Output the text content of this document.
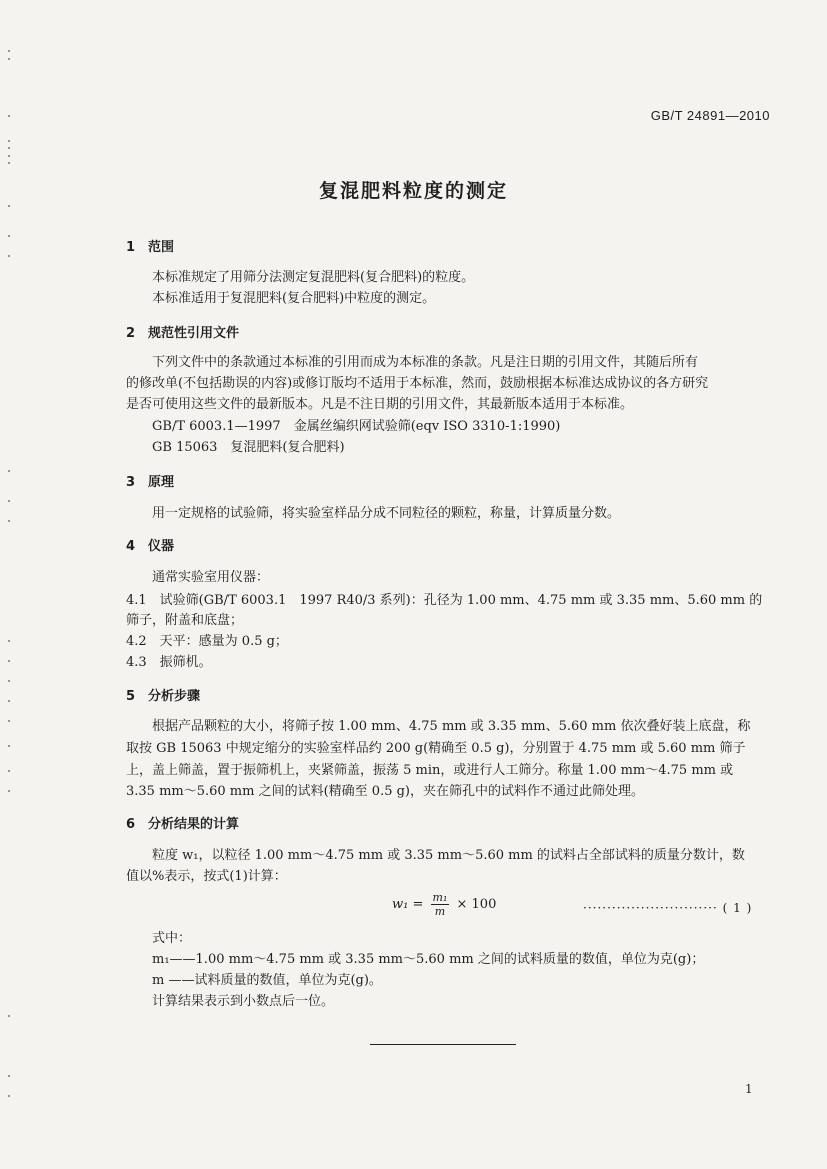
GB/T 24891—2010
复混肥料粒度的测定
1 范围
本标准规定了用筛分法测定复混肥料(复合肥料)的粒度。
本标准适用于复混肥料(复合肥料)中粒度的测定。
2 规范性引用文件
下列文件中的条款通过本标准的引用而成为本标准的条款。凡是注日期的引用文件，其随后所有
的修改单(不包括勘误的内容)或修订版均不适用于本标准，然而，鼓励根据本标准达成协议的各方研究
是否可使用这些文件的最新版本。凡是不注日期的引用文件，其最新版本适用于本标准。
GB/T 6003.1—1997　金属丝编织网试验筛(eqv ISO 3310-1:1990)
GB 15063　复混肥料(复合肥料)
3 原理
用一定规格的试验筛，将实验室样品分成不同粒径的颗粒，称量，计算质量分数。
4 仪器
通常实验室用仪器：
4.1　试验筛(GB/T 6003.1　1997 R40/3 系列)：孔径为 1.00 mm、4.75 mm 或 3.35 mm、5.60 mm 的
筛子，附盖和底盘；
4.2　天平：感量为 0.5 g；
4.3　振筛机。
5 分析步骤
根据产品颗粒的大小，将筛子按 1.00 mm、4.75 mm 或 3.35 mm、5.60 mm 依次叠好装上底盘，称
取按 GB 15063 中规定缩分的实验室样品约 200 g(精确至 0.5 g)，分别置于 4.75 mm 或 5.60 mm 筛子
上，盖上筛盖，置于振筛机上，夹紧筛盖，振荡 5 min，或进行人工筛分。称量 1.00 mm～4.75 mm 或
3.35 mm～5.60 mm 之间的试料(精确至 0.5 g)，夹在筛孔中的试料作不通过此筛处理。
6 分析结果的计算
粒度 w₁，以粒径 1.00 mm～4.75 mm 或 3.35 mm～5.60 mm 的试料占全部试料的质量分数计，数
值以%表示，按式(1)计算：
$w_1 = \frac{\text{m₁}}{m} \times 100$	···························· ( 1 )
式中：
m₁——1.00 mm～4.75 mm 或 3.35 mm～5.60 mm 之间的试料质量的数值，单位为克(g)；
m ——试料质量的数值，单位为克(g)。
计算结果表示到小数点后一位。
1
